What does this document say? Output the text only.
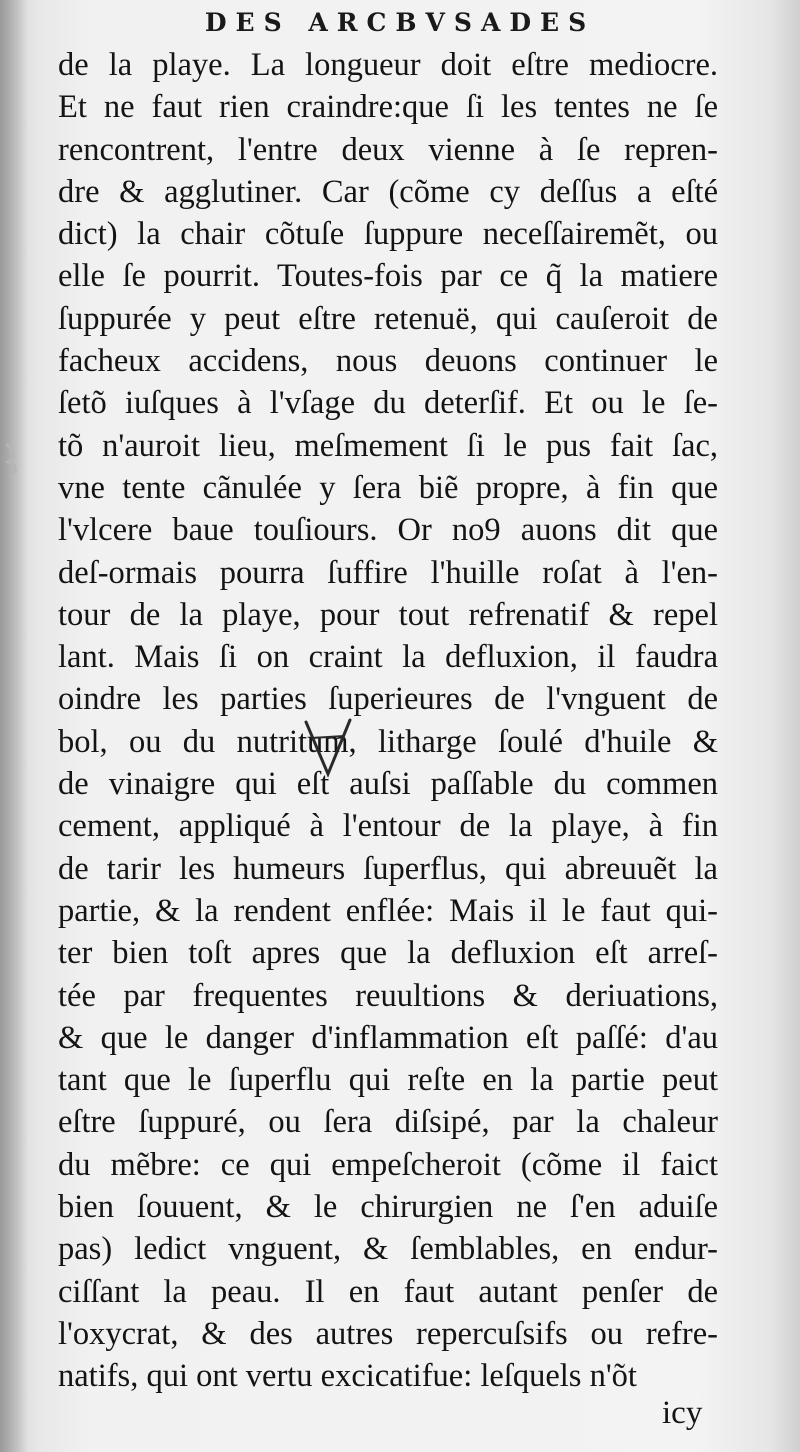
DES ARCBVSADES
de la playe. La longueur doit eſtre mediocre.
Et ne faut rien craindre:que ſi les tentes ne ſe
rencontrent, l'entre deux vienne à ſe repren-
dre & agglutiner. Car (cõme cy deſſus a eſté
dict) la chair cõtuſe ſuppure neceſſairemẽt, ou
elle ſe pourrit. Toutes-fois par ce q̃ la matiere
ſuppurée y peut eſtre retenuë, qui cauſeroit de
facheux accidens, nous deuons continuer le
ſetõ iuſques à l'vſage du deterſif. Et ou le ſe-
tõ n'auroit lieu, meſmement ſi le pus fait ſac,
vne tente cãnulée y ſera biẽ propre, à fin que
l'vlcere baue touſiours. Or no9 auons dit que
deſ-ormais pourra ſuffire l'huille roſat à l'en-
tour de la playe, pour tout refrenatif & repel
lant. Mais ſi on craint la defluxion, il faudra
oindre les parties ſuperieures de l'vnguent de
bol, ou du nutritum, litharge ſoulé d'huile &
de vinaigre qui eſt auſsi paſſable du commen
cement, appliqué à l'entour de la playe, à fin
de tarir les humeurs ſuperflus, qui abreuuẽt la
partie, & la rendent enflée: Mais il le faut qui-
ter bien toſt apres que la defluxion eſt arreſ-
tée par frequentes reuultions & deriuations,
& que le danger d'inflammation eſt paſſé: d'au
tant que le ſuperflu qui reſte en la partie peut
eſtre ſuppuré, ou ſera diſsipé, par la chaleur
du mẽbre: ce qui empeſcheroit (cõme il faict
bien ſouuent, & le chirurgien ne ſ'en aduiſe
pas) ledict vnguent, & ſemblables, en endur-
ciſſant la peau. Il en faut autant penſer de
l'oxycrat, & des autres repercuſsifs ou refre-
natifs, qui ont vertu excicatifue: leſquels n'õt
icy
